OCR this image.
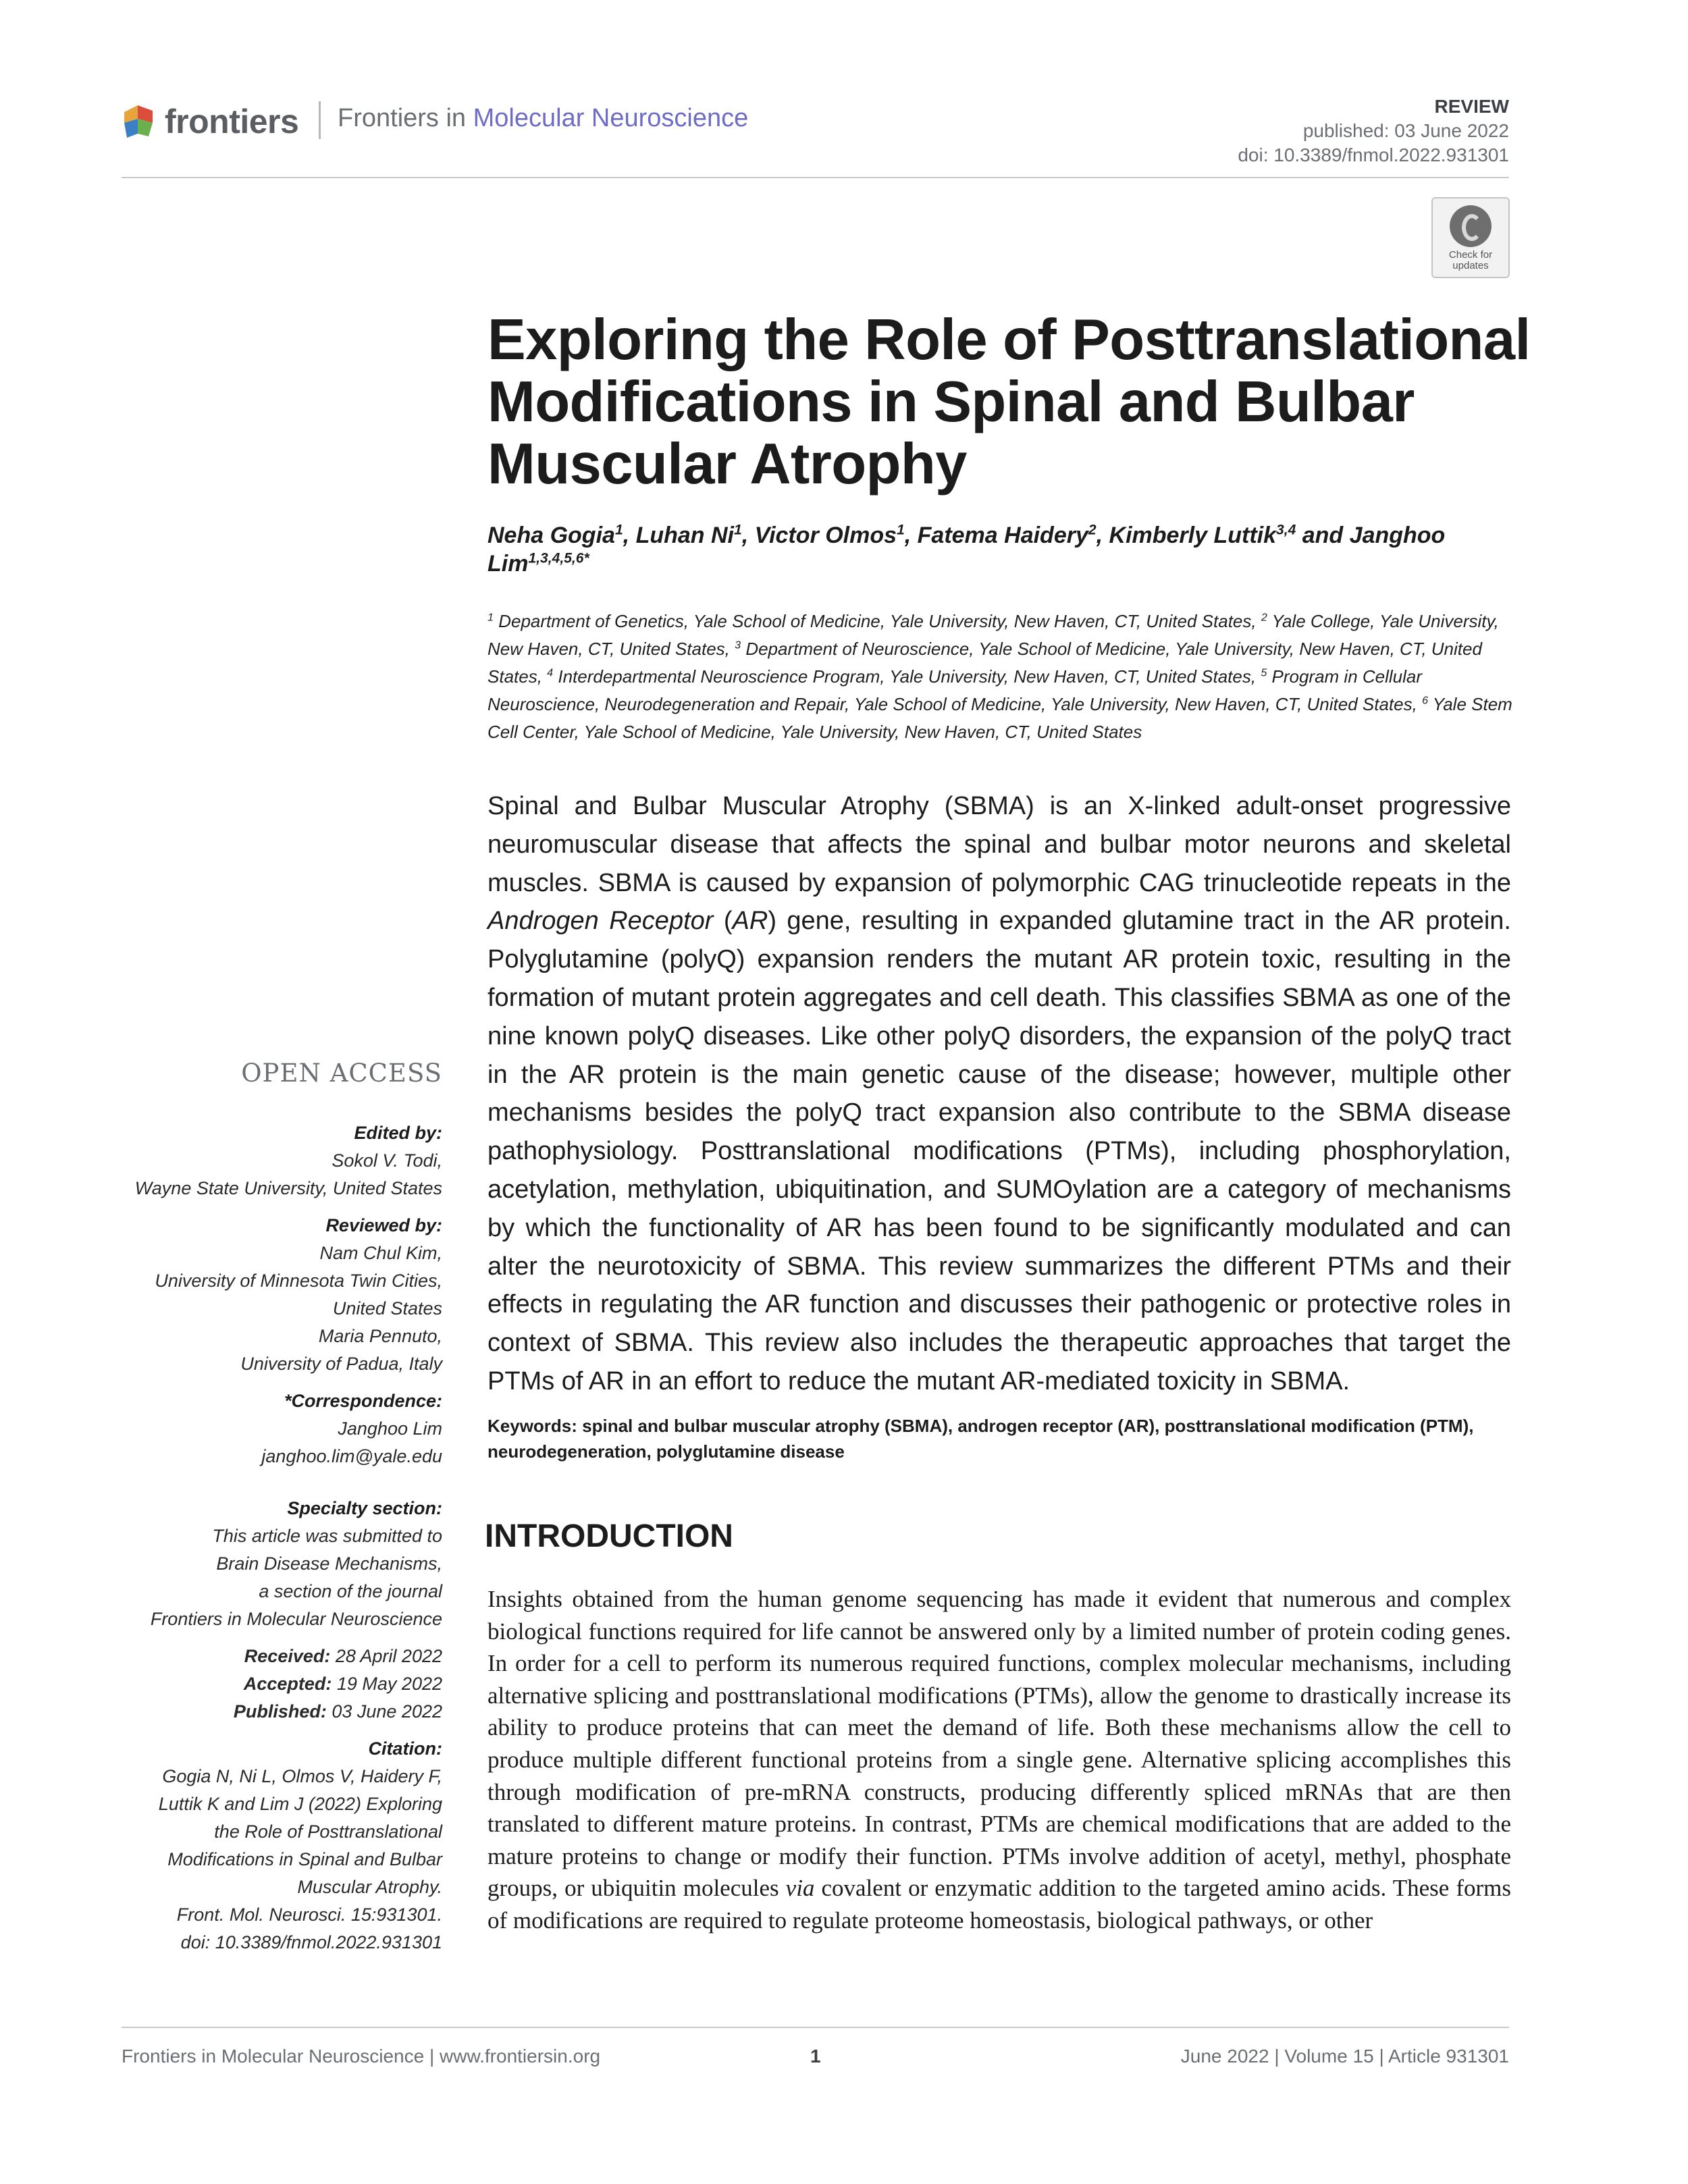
frontiers Frontiers in Molecular Neuroscience	REVIEW
published: 03 June 2022
doi: 10.3389/fnmol.2022.931301
Check for updates
Exploring the Role of Posttranslational Modifications in Spinal and Bulbar Muscular Atrophy
Neha Gogia$^1$, Luhan Ni$^1$, Victor Olmos$^1$, Fatema Haidery$^2$, Kimberly Luttik$^{3,4}$ and Janghoo Lim$^{1,3,4,5,6*}$
$^1$ Department of Genetics, Yale School of Medicine, Yale University, New Haven, CT, United States, $^2$ Yale College, Yale University, New Haven, CT, United States, $^3$ Department of Neuroscience, Yale School of Medicine, Yale University, New Haven, CT, United States, $^4$ Interdepartmental Neuroscience Program, Yale University, New Haven, CT, United States, $^5$ Program in Cellular Neuroscience, Neurodegeneration and Repair, Yale School of Medicine, Yale University, New Haven, CT, United States, $^6$ Yale Stem Cell Center, Yale School of Medicine, Yale University, New Haven, CT, United States
Spinal and Bulbar Muscular Atrophy (SBMA) is an X-linked adult-onset progressive neuromuscular disease that affects the spinal and bulbar motor neurons and skeletal muscles. SBMA is caused by expansion of polymorphic CAG trinucleotide repeats in the Androgen Receptor (AR) gene, resulting in expanded glutamine tract in the AR protein. Polyglutamine (polyQ) expansion renders the mutant AR protein toxic, resulting in the formation of mutant protein aggregates and cell death. This classifies SBMA as one of the nine known polyQ diseases. Like other polyQ disorders, the expansion of the polyQ tract in the AR protein is the main genetic cause of the disease; however, multiple other mechanisms besides the polyQ tract expansion also contribute to the SBMA disease pathophysiology. Posttranslational modifications (PTMs), including phosphorylation, acetylation, methylation, ubiquitination, and SUMOylation are a category of mechanisms by which the functionality of AR has been found to be significantly modulated and can alter the neurotoxicity of SBMA. This review summarizes the different PTMs and their effects in regulating the AR function and discusses their pathogenic or protective roles in context of SBMA. This review also includes the therapeutic approaches that target the PTMs of AR in an effort to reduce the mutant AR-mediated toxicity in SBMA.
Keywords: spinal and bulbar muscular atrophy (SBMA), androgen receptor (AR), posttranslational modification (PTM), neurodegeneration, polyglutamine disease
INTRODUCTION
Insights obtained from the human genome sequencing has made it evident that numerous and complex biological functions required for life cannot be answered only by a limited number of protein coding genes. In order for a cell to perform its numerous required functions, complex molecular mechanisms, including alternative splicing and posttranslational modifications (PTMs), allow the genome to drastically increase its ability to produce proteins that can meet the demand of life. Both these mechanisms allow the cell to produce multiple different functional proteins from a single gene. Alternative splicing accomplishes this through modification of pre-mRNA constructs, producing differently spliced mRNAs that are then translated to different mature proteins. In contrast, PTMs are chemical modifications that are added to the mature proteins to change or modify their function. PTMs involve addition of acetyl, methyl, phosphate groups, or ubiquitin molecules via covalent or enzymatic addition to the targeted amino acids. These forms of modifications are required to regulate proteome homeostasis, biological pathways, or other
OPEN ACCESS
Edited by:
Sokol V. Todi,
Wayne State University, United States
Reviewed by:
Nam Chul Kim,
University of Minnesota Twin Cities,
United States
Maria Pennuto,
University of Padua, Italy
*Correspondence:
Janghoo Lim
janghoo.lim@yale.edu
Specialty section:
This article was submitted to
Brain Disease Mechanisms,
a section of the journal
Frontiers in Molecular Neuroscience
Received: 28 April 2022
Accepted: 19 May 2022
Published: 03 June 2022
Citation:
Gogia N, Ni L, Olmos V, Haidery F,
Luttik K and Lim J (2022) Exploring
the Role of Posttranslational
Modifications in Spinal and Bulbar
Muscular Atrophy.
Front. Mol. Neurosci. 15:931301.
doi: 10.3389/fnmol.2022.931301
Frontiers in Molecular Neuroscience | www.frontiersin.org	1	June 2022 | Volume 15 | Article 931301
